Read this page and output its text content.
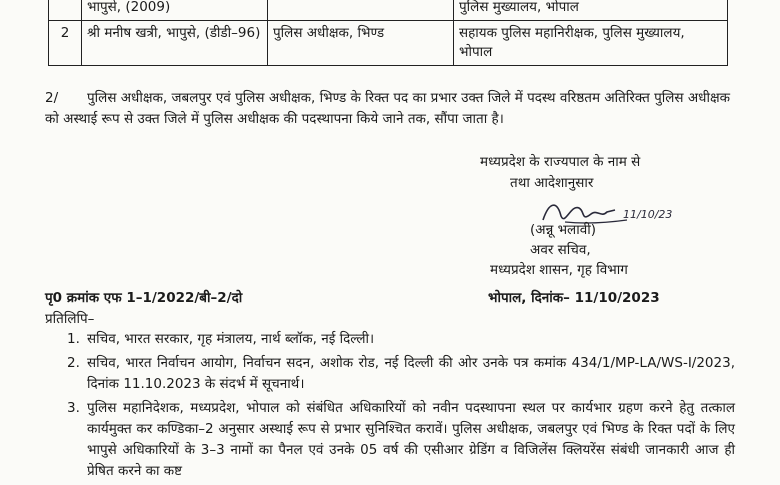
	भापुसे, (2009)		पुलिस मुख्यालय, भोपाल
2	श्री मनीष खत्री, भापुसे, (डीडी–96)	पुलिस अधीक्षक, भिण्ड	सहायक पुलिस महानिरीक्षक, पुलिस मुख्यालय, भोपाल
2/ पुलिस अधीक्षक, जबलपुर एवं पुलिस अधीक्षक, भिण्ड के रिक्त पद का प्रभार उक्त जिले में पदस्थ वरिष्ठतम अतिरिक्त पुलिस अधीक्षक को अस्थाई रूप से उक्त जिले में पुलिस अधीक्षक की पदस्थापना किये जाने तक, सौंपा जाता है।
मध्यप्रदेश के राज्यपाल के नाम से
तथा आदेशानुसार
11/10/23
(अन्नू भलावी)
अवर सचिव,
मध्यप्रदेश शासन, गृह विभाग
पृ0 क्रमांक एफ 1–1/2022/बी–2/दो	भोपाल, दिनांक– 11/10/2023
प्रतिलिपि–
1. सचिव, भारत सरकार, गृह मंत्रालय, नार्थ ब्लॉक, नई दिल्ली।
2. सचिव, भारत निर्वाचन आयोग, निर्वाचन सदन, अशोक रोड, नई दिल्ली की ओर उनके पत्र कमांक 434/1/MP-LA/WS-I/2023, दिनांक 11.10.2023 के संदर्भ में सूचनार्थ।
3. पुलिस महानिदेशक, मध्यप्रदेश, भोपाल को संबंधित अधिकारियों को नवीन पदस्थापना स्थल पर कार्यभार ग्रहण करने हेतु तत्काल कार्यमुक्त कर कण्डिका–2 अनुसार अस्थाई रूप से प्रभार सुनिश्चित करावें। पुलिस अधीक्षक, जबलपुर एवं भिण्ड के रिक्त पदों के लिए भापुसे अधिकारियों के 3–3 नामों का पैनल एवं उनके 05 वर्ष की एसीआर ग्रेडिंग व विजिलेंस क्लियरेंस संबंधी जानकारी आज ही प्रेषित करने का कष्ट
